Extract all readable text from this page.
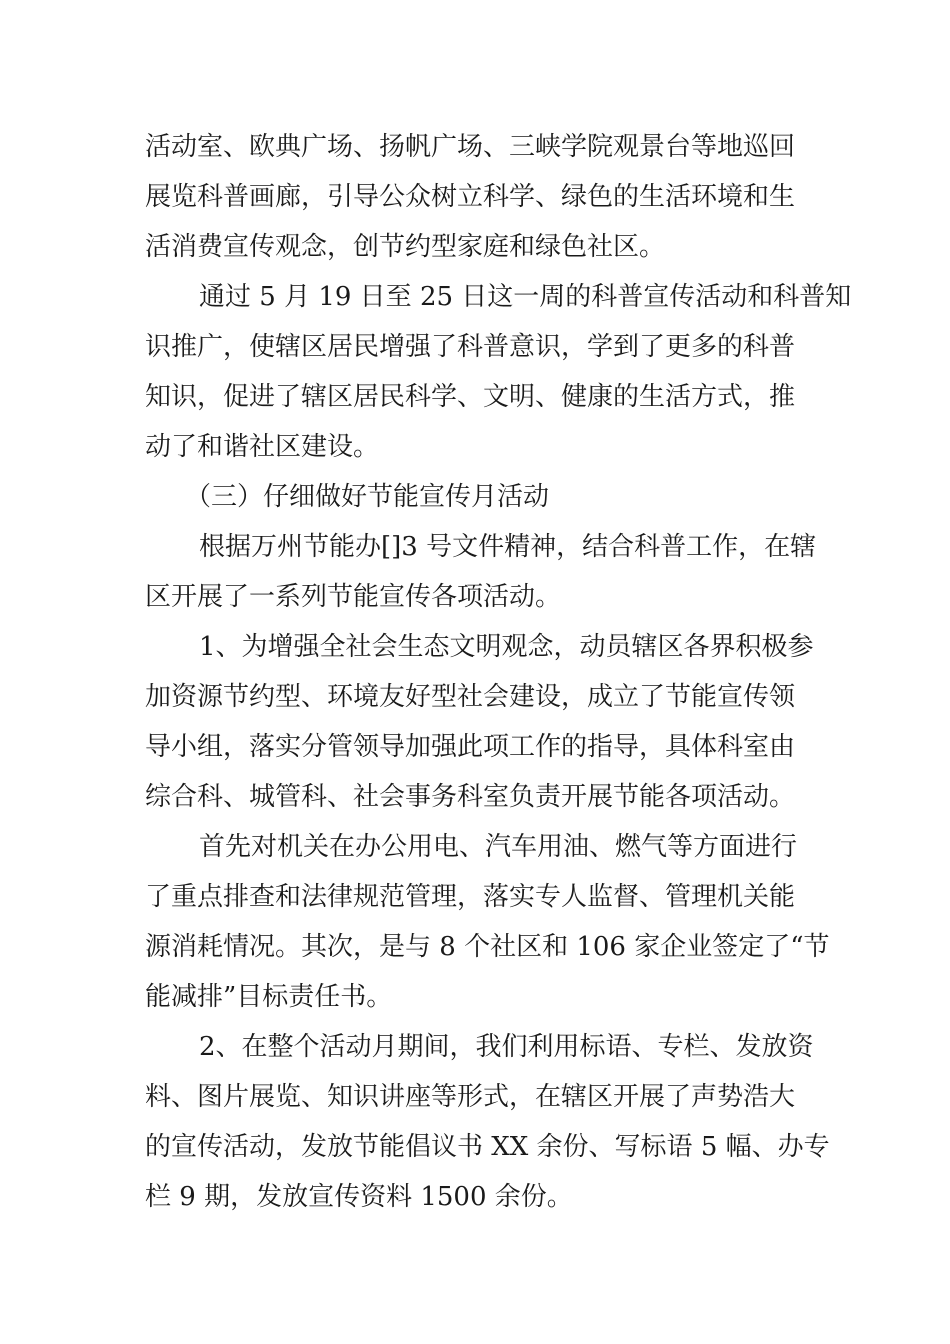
活动室、欧典广场、扬帆广场、三峡学院观景台等地巡回
展览科普画廊，引导公众树立科学、绿色的生活环境和生
活消费宣传观念，创节约型家庭和绿色社区。
通过 5 月 19 日至 25 日这一周的科普宣传活动和科普知
识推广，使辖区居民增强了科普意识，学到了更多的科普
知识，促进了辖区居民科学、文明、健康的生活方式，推
动了和谐社区建设。
（三）仔细做好节能宣传月活动
根据万州节能办[]3 号文件精神，结合科普工作，在辖
区开展了一系列节能宣传各项活动。
1、为增强全社会生态文明观念，动员辖区各界积极参
加资源节约型、环境友好型社会建设，成立了节能宣传领
导小组，落实分管领导加强此项工作的指导，具体科室由
综合科、城管科、社会事务科室负责开展节能各项活动。
首先对机关在办公用电、汽车用油、燃气等方面进行
了重点排查和法律规范管理，落实专人监督、管理机关能
源消耗情况。其次，是与 8 个社区和 106 家企业签定了“节
能减排”目标责任书。
2、在整个活动月期间，我们利用标语、专栏、发放资
料、图片展览、知识讲座等形式，在辖区开展了声势浩大
的宣传活动，发放节能倡议书 XX 余份、写标语 5 幅、办专
栏 9 期，发放宣传资料 1500 余份。
